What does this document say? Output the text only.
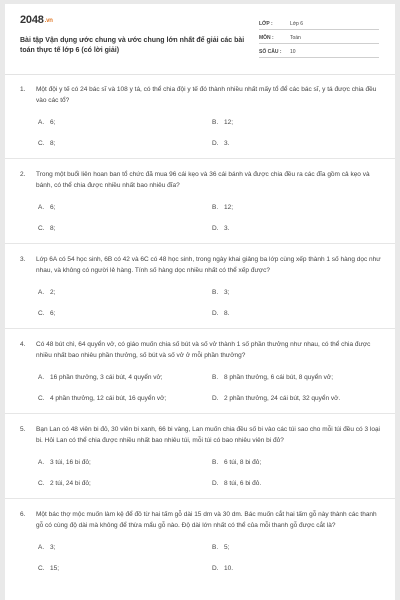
2048.vn
Bài tập Vận dụng ước chung và ước chung lớn nhất để giải các bài toán thực tế lớp 6 (có lời giải)
LỚP :	Lớp 6
MÔN :	Toán
SỐ CÂU :	10
1. Một đội y tế có 24 bác sĩ và 108 y tá, có thể chia đội y tế đó thành nhiều nhất mấy tổ để các bác sĩ, y tá được chia đều vào các tổ?
A. 6;	B. 12;
C. 8;	D. 3.
2. Trong một buổi liên hoan ban tổ chức đã mua 96 cái kẹo và 36 cái bánh và được chia đều ra các đĩa gồm cả kẹo và bánh, có thể chia được nhiều nhất bao nhiêu đĩa?
A. 6;	B. 12;
C. 8;	D. 3.
3. Lớp 6A có 54 học sinh, 6B có 42 và 6C có 48 học sinh, trong ngày khai giảng ba lớp cùng xếp thành 1 số hàng dọc như nhau, và không có người lẻ hàng. Tính số hàng dọc nhiều nhất có thể xếp được?
A. 2;	B. 3;
C. 6;	D. 8.
4. Có 48 bút chì, 64 quyển vở, có giáo muốn chia số bút và số vở thành 1 số phần thưởng như nhau, có thể chia được nhiều nhất bao nhiêu phần thưởng, số bút và số vở ở mỗi phần thưởng?
A. 16 phần thưởng, 3 cái bút, 4 quyển vở;	B. 8 phần thưởng, 6 cái bút, 8 quyển vở;
C. 4 phần thưởng, 12 cái bút, 16 quyển vở;	D. 2 phần thưởng, 24 cái bút, 32 quyển vở.
5. Bạn Lan có 48 viên bi đỏ, 30 viên bi xanh, 66 bi vàng, Lan muốn chia đều số bi vào các túi sao cho mỗi túi đều có 3 loại bi. Hỏi Lan có thể chia được nhiều nhất bao nhiêu túi, mỗi túi có bao nhiêu viên bi đỏ?
A. 3 túi, 16 bi đỏ;	B. 6 túi, 8 bi đỏ;
C. 2 túi, 24 bi đỏ;	D. 8 túi, 6 bi đỏ.
6. Một bác thợ mộc muốn làm kệ để đồ từ hai tấm gỗ dài 15 dm và 30 dm. Bác muốn cắt hai tấm gỗ này thành các thanh gỗ có cùng độ dài mà không để thừa mẩu gỗ nào. Độ dài lớn nhất có thể của mỗi thanh gỗ được cắt là?
A. 3;	B. 5;
C. 15;	D. 10.
